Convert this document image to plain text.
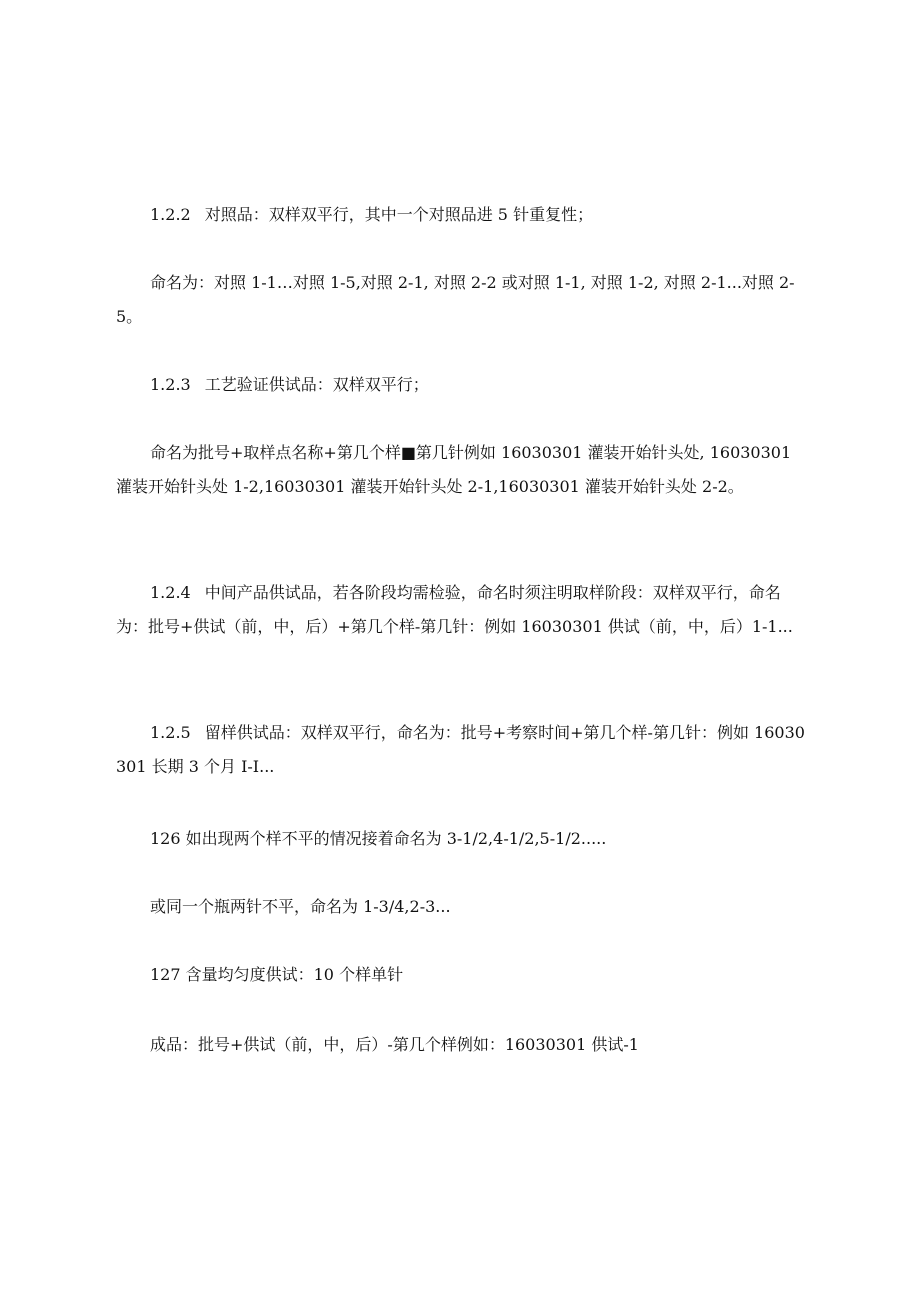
1.2.2 对照品：双样双平行，其中一个对照品进 5 针重复性；

命名为：对照 1-1…对照 1-5,对照 2-1, 对照 2-2 或对照 1-1, 对照 1-2, 对照 2-1...对照 2-5。

1.2.3 工艺验证供试品：双样双平行；

命名为批号+取样点名称+第几个样■第几针例如 16030301 灌装开始针头处, 16030301 灌装开始针头处 1-2,16030301 灌装开始针头处 2-1,16030301 灌装开始针头处 2-2。

1.2.4 中间产品供试品，若各阶段均需检验，命名时须注明取样阶段：双样双平行，命名为：批号+供试（前，中，后）+第几个样-第几针：例如 16030301 供试（前，中，后）1-1...

1.2.5 留样供试品：双样双平行，命名为：批号+考察时间+第几个样-第几针：例如 16030301 长期 3 个月 I-I...

126 如出现两个样不平的情况接着命名为 3-1/2,4-1/2,5-1/2.....

或同一个瓶两针不平，命名为 1-3/4,2-3...

127 含量均匀度供试：10 个样单针

成品：批号+供试（前，中，后）-第几个样例如：16030301 供试-1
